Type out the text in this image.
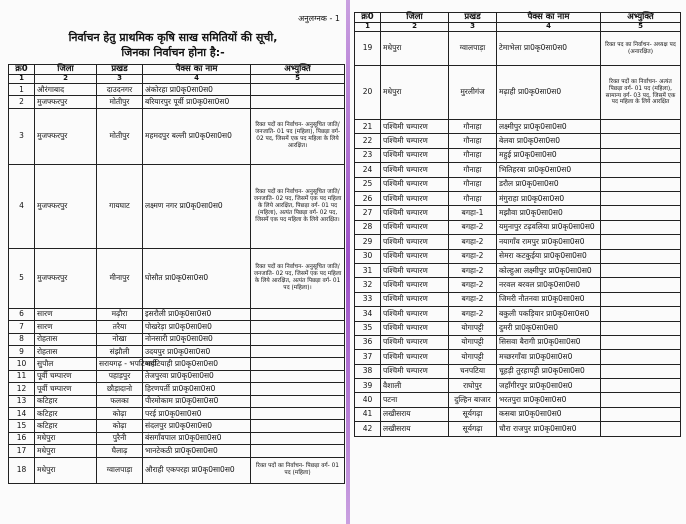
अनुलग्नक - 1
निर्वाचन हेतु प्राथमिक कृषि साख समितियों की सूची,
जिनका निर्वाचन होना है:-
क्र0	जिला	प्रखंड	पैक्स का नाम	अभ्युक्ति
1	2	3	4	5
1	औरंगाबाद	दाउदनगर	अंकोरहा प्रा0कृ0सा0स0	
2	मुजफ्फरपुर	मोतीपुर	बरियारपुर पूर्वी प्रा0कृ0सा0स0	
3	मुजफ्फरपुर	मोतीपुर	महमदपुर बल्ली प्रा0कृ0सा0स0	रिक्त पदों का निर्वाचन- अनुसूचित जाति/ जनजाति- 01 पद (महिला), पिछड़ा वर्ग- 02 पद, जिसमें एक पद महिला के लिये आरक्षित।
4	मुजफ्फरपुर	गायघाट	लक्ष्मण नगर प्रा0कृ0सा0स0	रिक्त पदों का निर्वाचन- अनुसूचित जाति/ जनजाति- 02 पद, जिसमें एक पद महिला के लिये आरक्षित, पिछड़ा वर्ग- 01 पद (महिला), अत्यंत पिछड़ा वर्ग- 02 पद, जिसमें एक पद महिला के लिये आरक्षित।
5	मुजफ्फरपुर	मीनापुर	घोसौत प्रा0कृ0सा0स0	रिक्त पदों का निर्वाचन- अनुसूचित जाति/ जनजाति- 02 पद, जिसमें एक पद महिला के लिये आरक्षित, अत्यंत पिछड़ा वर्ग- 01 पद (महिला)।
6	सारण	मढ़ौरा	इसरौली प्रा0कृ0सा0स0	
7	सारण	तरैया	पोखरेड़ा प्रा0कृ0सा0स0	
8	रोहतास	नोखा	नोनसारी प्रा0कृ0सा0स0	
9	रोहतास	संझौली	उदयपुर प्रा0कृ0सा0स0	
10	सुपौल	सरायगढ़ - भपटियाही	भपटियाही प्रा0कृ0सा0स0	
11	पूर्वी चम्पारण	पहाड़पुर	तेजपुरवा प्रा0कृ0सा0स0	
12	पूर्वी चम्पारण	छौड़ादानो	हिरणपर्ती प्रा0कृ0सा0स0	
13	कटिहार	फलका	पीरमोकाम प्रा0कृ0सा0स0	
14	कटिहार	कोढ़ा	परई प्रा0कृ0सा0स0	
15	कटिहार	कोढ़ा	संदलपुर प्रा0कृ0सा0स0	
16	मधेपुरा	पुरैनी	बंसगाँवपाल प्रा0कृ0सा0स0	
17	मधेपुरा	घैलाढ़	भानटेकठी प्रा0कृ0सा0स0	
18	मधेपुरा	ग्वालपाड़ा	औराही एकपरहा प्रा0कृ0सा0स0	रिक्त पदों का निर्वाचन- पिछड़ा वर्ग- 01 पद (महिला)
क्र0	जिला	प्रखंड	पैक्स का नाम	अभ्युक्ति
1	2	3	4	5
19	मधेपुरा	ग्वालपाड़ा	टेमाभेला प्रा0कृ0सा0स0	रिक्त पद का निर्वाचन- अध्यक्ष पद (अनारक्षित)
20	मधेपुरा	मुरलीगंज	मढ़ाही प्रा0कृ0सा0स0	रिक्त पदों का निर्वाचन- अत्यंत पिछड़ा वर्ग- 01 पद (महिला), सामान्य वर्ग- 03 पद, जिसमें एक पद महिला के लिये आरक्षित
21	पश्चिमी चम्पारण	गौनाहा	लक्ष्मीपुर प्रा0कृ0सा0स0	
22	पश्चिमी चम्पारण	गौनाहा	बेलवा प्रा0कृ0सा0स0	
23	पश्चिमी चम्पारण	गौनाहा	महुई प्रा0कृ0सा0स0	
24	पश्चिमी चम्पारण	गौनाहा	भितिहरवा प्रा0कृ0सा0स0	
25	पश्चिमी चम्पारण	गौनाहा	डरौल प्रा0कृ0सा0स0	
26	पश्चिमी चम्पारण	गौनाहा	मंगुराहा प्रा0कृ0सा0स0	
27	पश्चिमी चम्पारण	बगहा-1	मझौवा प्रा0कृ0सा0स0	
28	पश्चिमी चम्पारण	बगहा-2	यमुनापुर टढ़वलिया प्रा0कृ0सा0स0	
29	पश्चिमी चम्पारण	बगहा-2	नयागाँव रामपुर प्रा0कृ0सा0स0	
30	पश्चिमी चम्पारण	बगहा-2	सेमरा कटकुईया प्रा0कृ0सा0स0	
31	पश्चिमी चम्पारण	बगहा-2	कोल्हुआ लक्ष्मीपुर प्रा0कृ0सा0स0	
32	पश्चिमी चम्पारण	बगहा-2	नरवल बरवल प्रा0कृ0सा0स0	
33	पश्चिमी चम्पारण	बगहा-2	जिमरी नौतनवा प्रा0कृ0सा0स0	
34	पश्चिमी चम्पारण	बगहा-2	बकुली पकड़ियार प्रा0कृ0सा0स0	
35	पश्चिमी चम्पारण	योगापट्टी	दुमरी प्रा0कृ0सा0स0	
36	पश्चिमी चम्पारण	योगापट्टी	सिसवा बैरागी प्रा0कृ0सा0स0	
37	पश्चिमी चम्पारण	योगापट्टी	मच्छरगाँवा प्रा0कृ0सा0स0	
38	पश्चिमी चम्पारण	चनपटिया	चूहड़ी तुरहापट्टी प्रा0कृ0सा0स0	
39	वैशाली	राघोपुर	जहाँगीरपुर प्रा0कृ0सा0स0	
40	पटना	दुल्हिन बाजार	भरतपुरा प्रा0कृ0सा0स0	
41	लखीसराय	सूर्यगढ़ा	कसबा प्रा0कृ0सा0स0	
42	लखीसराय	सूर्यगढ़ा	चौरा राजपुर प्रा0कृ0सा0स0	
